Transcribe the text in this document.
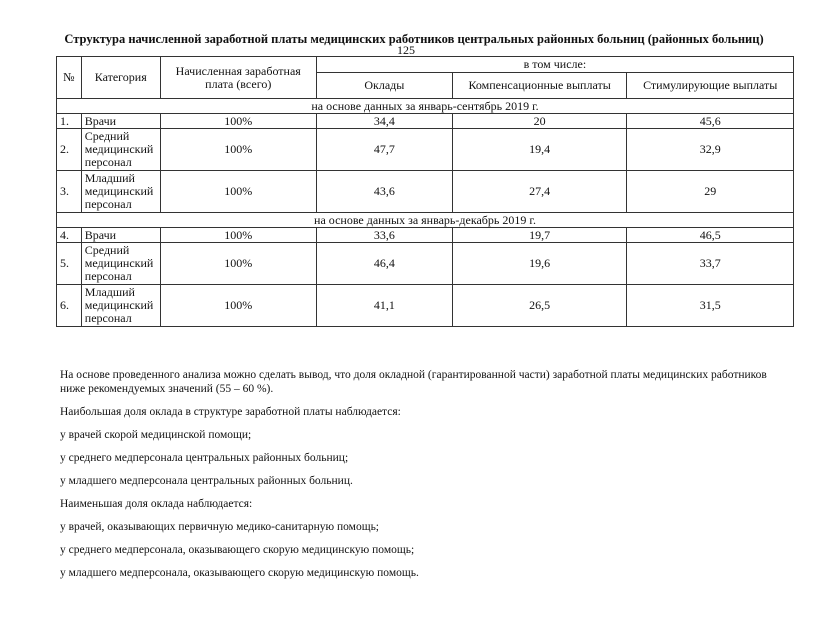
Структура начисленной заработной платы медицинских работников центральных районных больниц (районных больниц)
125
№	Категория	Начисленная заработная плата (всего)	в том числе:		
			Оклады	Компенсационные выплаты	Стимулирующие выплаты
на основе данных за январь-сентябрь 2019 г.					
1.	Врачи	100%	34,4	20	45,6
2.	Средний медицинский персонал	100%	47,7	19,4	32,9
3.	Младший медицинский персонал	100%	43,6	27,4	29
на основе данных за январь-декабрь 2019 г.					
4.	Врачи	100%	33,6	19,7	46,5
5.	Средний медицинский персонал	100%	46,4	19,6	33,7
6.	Младший медицинский персонал	100%	41,1	26,5	31,5
На основе проведенного анализа можно сделать вывод, что доля окладной (гарантированной части) заработной платы медицинских работников ниже рекомендуемых значений (55 – 60 %).
Наибольшая доля оклада в структуре заработной платы наблюдается:
у врачей скорой медицинской помощи;
у среднего медперсонала центральных районных больниц;
у младшего медперсонала центральных районных больниц.
Наименьшая доля оклада наблюдается:
у врачей, оказывающих первичную медико-санитарную помощь;
у среднего медперсонала, оказывающего скорую медицинскую помощь;
у младшего медперсонала, оказывающего скорую медицинскую помощь.
